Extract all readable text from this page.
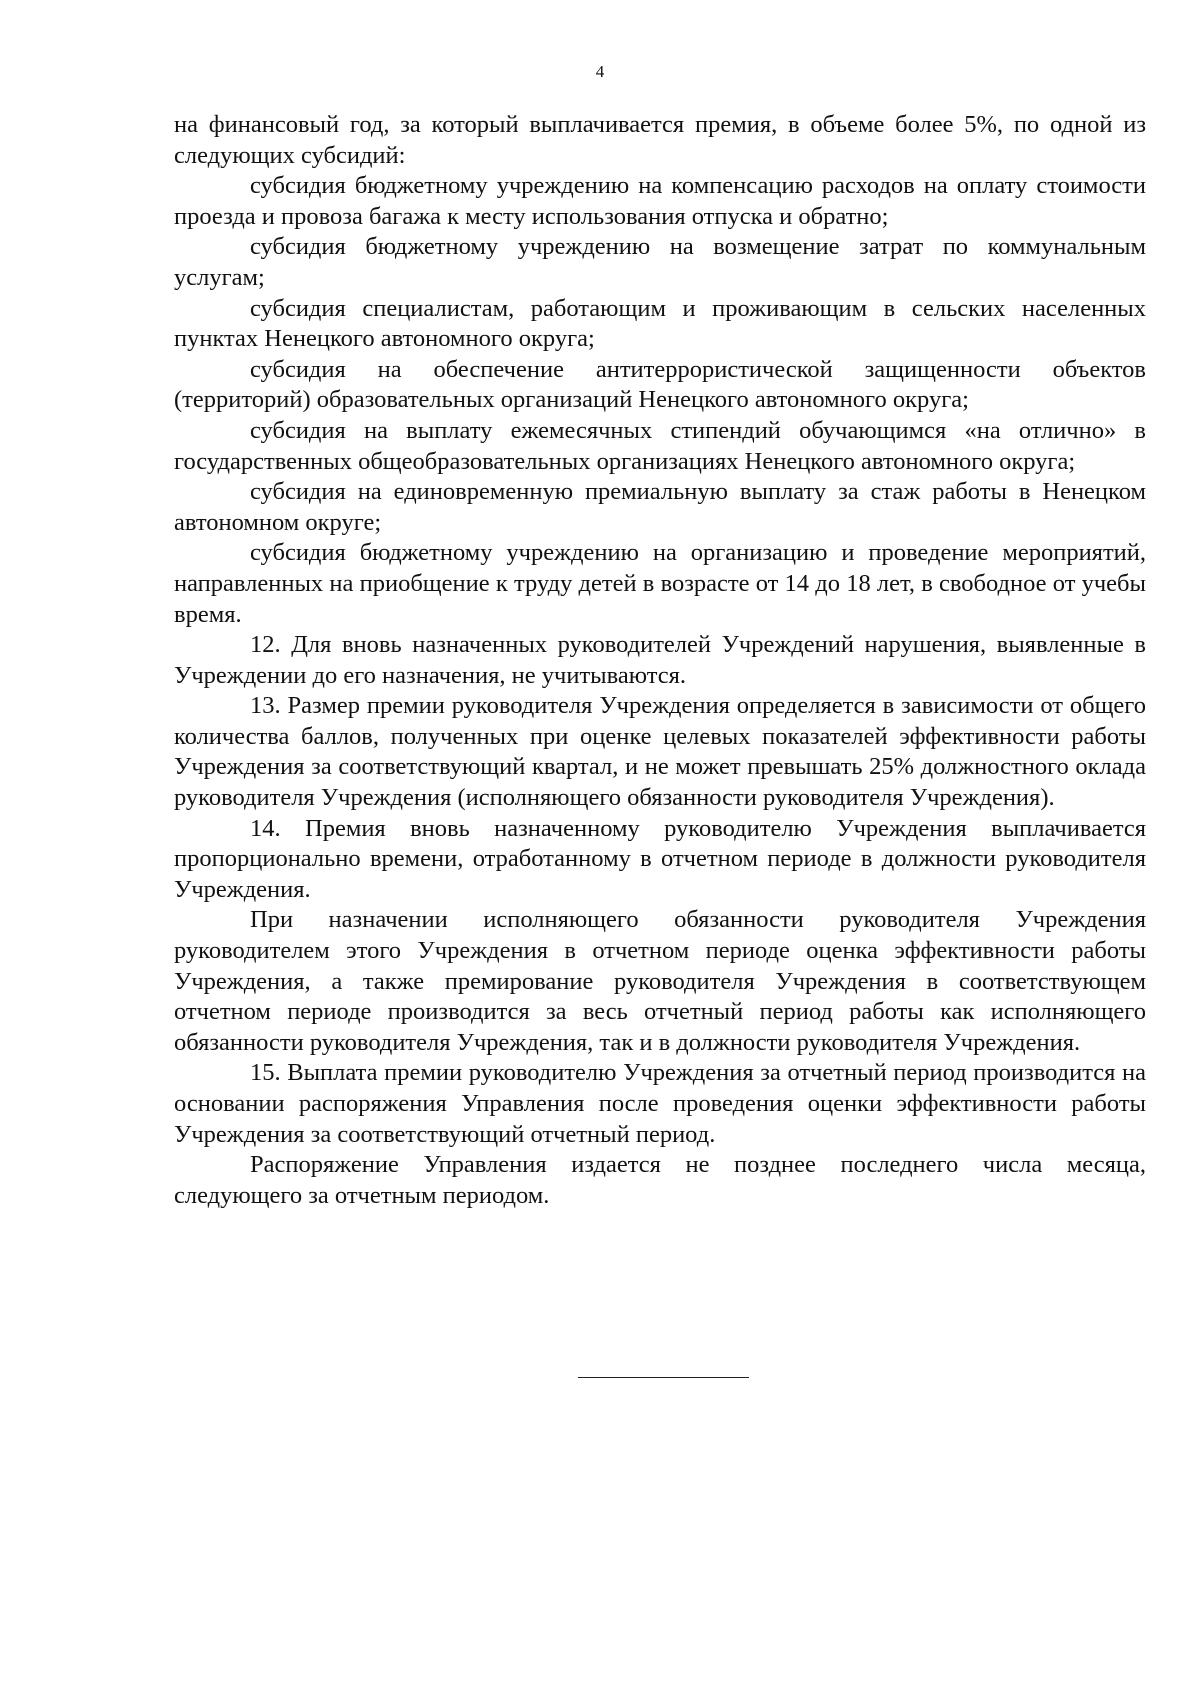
4

на финансовый год, за который выплачивается премия, в объеме более 5%, по одной из следующих субсидий:

субсидия бюджетному учреждению на компенсацию расходов на оплату стоимости проезда и провоза багажа к месту использования отпуска и обратно;

субсидия бюджетному учреждению на возмещение затрат по коммунальным услугам;

субсидия специалистам, работающим и проживающим в сельских населенных пунктах Ненецкого автономного округа;

субсидия на обеспечение антитеррористической защищенности объектов (территорий) образовательных организаций Ненецкого автономного округа;

субсидия на выплату ежемесячных стипендий обучающимся «на отлично» в государственных общеобразовательных организациях Ненецкого автономного округа;

субсидия на единовременную премиальную выплату за стаж работы в Ненецком автономном округе;

субсидия бюджетному учреждению на организацию и проведение мероприятий, направленных на приобщение к труду детей в возрасте от 14 до 18 лет, в свободное от учебы время.

12. Для вновь назначенных руководителей Учреждений нарушения, выявленные в Учреждении до его назначения, не учитываются.

13. Размер премии руководителя Учреждения определяется в зависимости от общего количества баллов, полученных при оценке целевых показателей эффективности работы Учреждения за соответствующий квартал, и не может превышать 25% должностного оклада руководителя Учреждения (исполняющего обязанности руководителя Учреждения).

14. Премия вновь назначенному руководителю Учреждения выплачивается пропорционально времени, отработанному в отчетном периоде в должности руководителя Учреждения.

При назначении исполняющего обязанности руководителя Учреждения руководителем этого Учреждения в отчетном периоде оценка эффективности работы Учреждения, а также премирование руководителя Учреждения в соответствующем отчетном периоде производится за весь отчетный период работы как исполняющего обязанности руководителя Учреждения, так и в должности руководителя Учреждения.

15. Выплата премии руководителю Учреждения за отчетный период производится на основании распоряжения Управления после проведения оценки эффективности работы Учреждения за соответствующий отчетный период.

Распоряжение Управления издается не позднее последнего числа месяца, следующего за отчетным периодом.
